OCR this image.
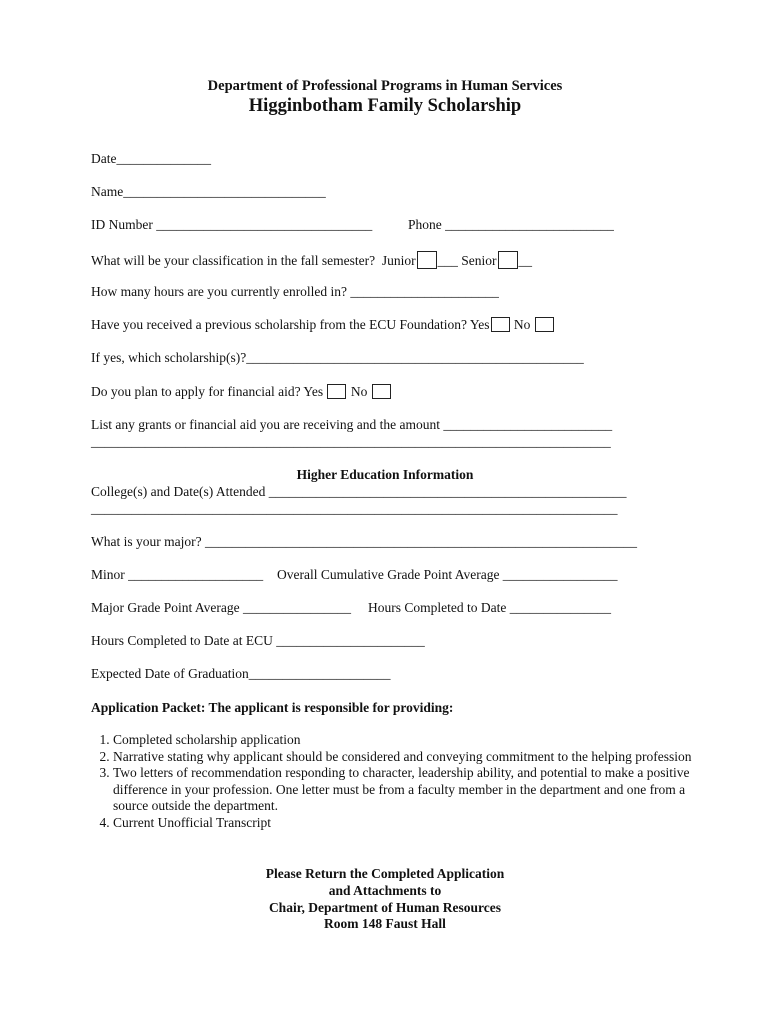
Department of Professional Programs in Human Services
Higginbotham Family Scholarship
Date______________
Name______________________________
ID Number ________________________________	Phone _________________________
What will be your classification in the fall semester?  Junior ___ Senior __
How many hours are you currently enrolled in? ______________________
Have you received a previous scholarship from the ECU Foundation? Yes No
If yes, which scholarship(s)?__________________________________________________
Do you plan to apply for financial aid? Yes  No
List any grants or financial aid you are receiving and the amount _________________________
_____________________________________________________________________________
Higher Education Information
College(s) and Date(s) Attended _____________________________________________________
______________________________________________________________________________
What is your major? ________________________________________________________________
Minor ____________________ Overall Cumulative Grade Point Average _________________
Major Grade Point Average ________________ Hours Completed to Date _______________
Hours Completed to Date at ECU ______________________
Expected Date of Graduation_____________________
Application Packet: The applicant is responsible for providing:
1. Completed scholarship application
2. Narrative stating why applicant should be considered and conveying commitment to the helping profession
3. Two letters of recommendation responding to character, leadership ability, and potential to make a positive difference in your profession. One letter must be from a faculty member in the department and one from a source outside the department.
4. Current Unofficial Transcript
Please Return the Completed Application
and Attachments to
Chair, Department of Human Resources
Room 148 Faust Hall
